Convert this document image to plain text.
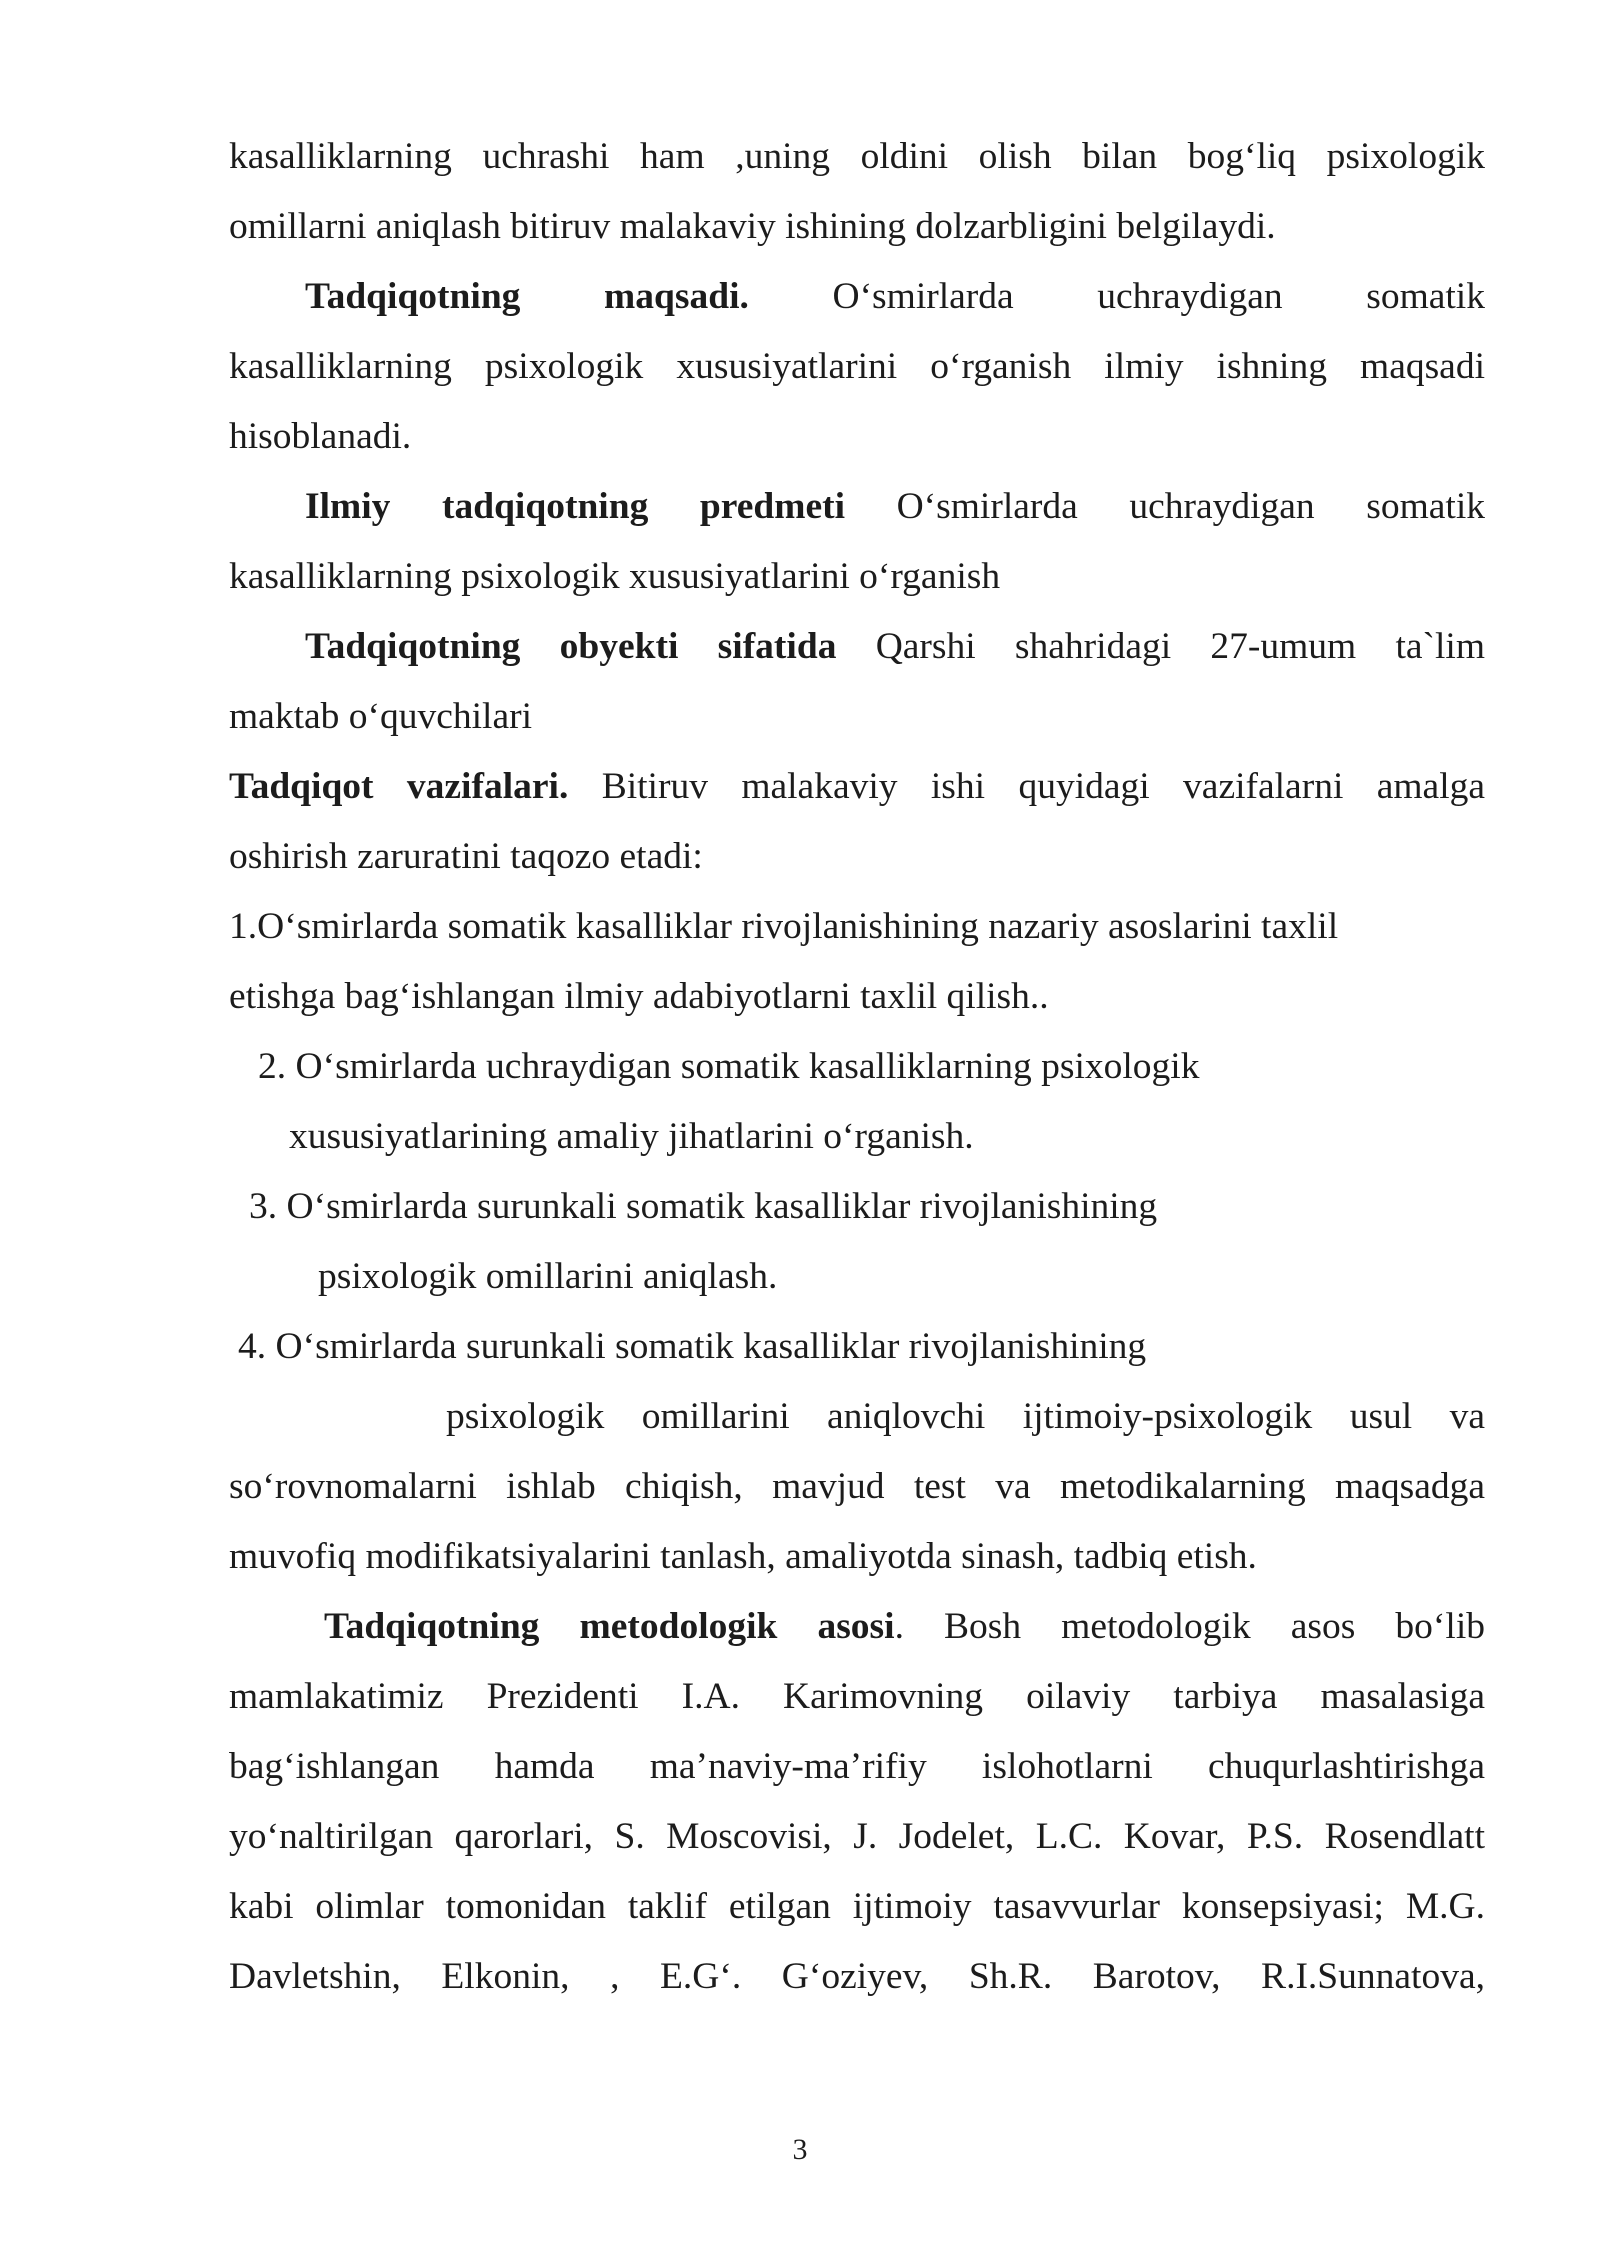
kasalliklarning uchrashi ham ,uning oldini olish bilan bog‘liq psixologik
omillarni aniqlash bitiruv malakaviy ishining dolzarbligini belgilaydi.
Tadqiqotning maqsadi. O‘smirlarda uchraydigan somatik
kasalliklarning psixologik xususiyatlarini o‘rganish ilmiy ishning maqsadi
hisoblanadi.
Ilmiy tadqiqotning predmeti O‘smirlarda uchraydigan somatik
kasalliklarning psixologik xususiyatlarini o‘rganish
Tadqiqotning obyekti sifatida Qarshi shahridagi 27-umum ta`lim
maktab o‘quvchilari
Tadqiqot vazifalari. Bitiruv malakaviy ishi quyidagi vazifalarni amalga
oshirish zaruratini taqozo etadi:
1.O‘smirlarda somatik kasalliklar rivojlanishining nazariy asoslarini taxlil
etishga bag‘ishlangan ilmiy adabiyotlarni taxlil qilish..
2. O‘smirlarda uchraydigan somatik kasalliklarning psixologik
xususiyatlarining amaliy jihatlarini o‘rganish.
3. O‘smirlarda surunkali somatik kasalliklar rivojlanishining
psixologik omillarini aniqlash.
4. O‘smirlarda surunkali somatik kasalliklar rivojlanishining
psixologik omillarini aniqlovchi ijtimoiy-psixologik usul va
so‘rovnomalarni ishlab chiqish, mavjud test va metodikalarning maqsadga
muvofiq modifikatsiyalarini tanlash, amaliyotda sinash, tadbiq etish.
Tadqiqotning metodologik asosi. Bosh metodologik asos bo‘lib
mamlakatimiz Prezidenti I.A. Karimovning oilaviy tarbiya masalasiga
bag‘ishlangan hamda ma’naviy-ma’rifiy islohotlarni chuqurlashtirishga
yo‘naltirilgan qarorlari, S. Moscovisi, J. Jodelet, L.C. Kovar, P.S. Rosendlatt
kabi olimlar tomonidan taklif etilgan ijtimoiy tasavvurlar konsepsiyasi; M.G.
Davletshin, Elkonin, , E.G‘. G‘oziyev, Sh.R. Barotov, R.I.Sunnatova,
3
